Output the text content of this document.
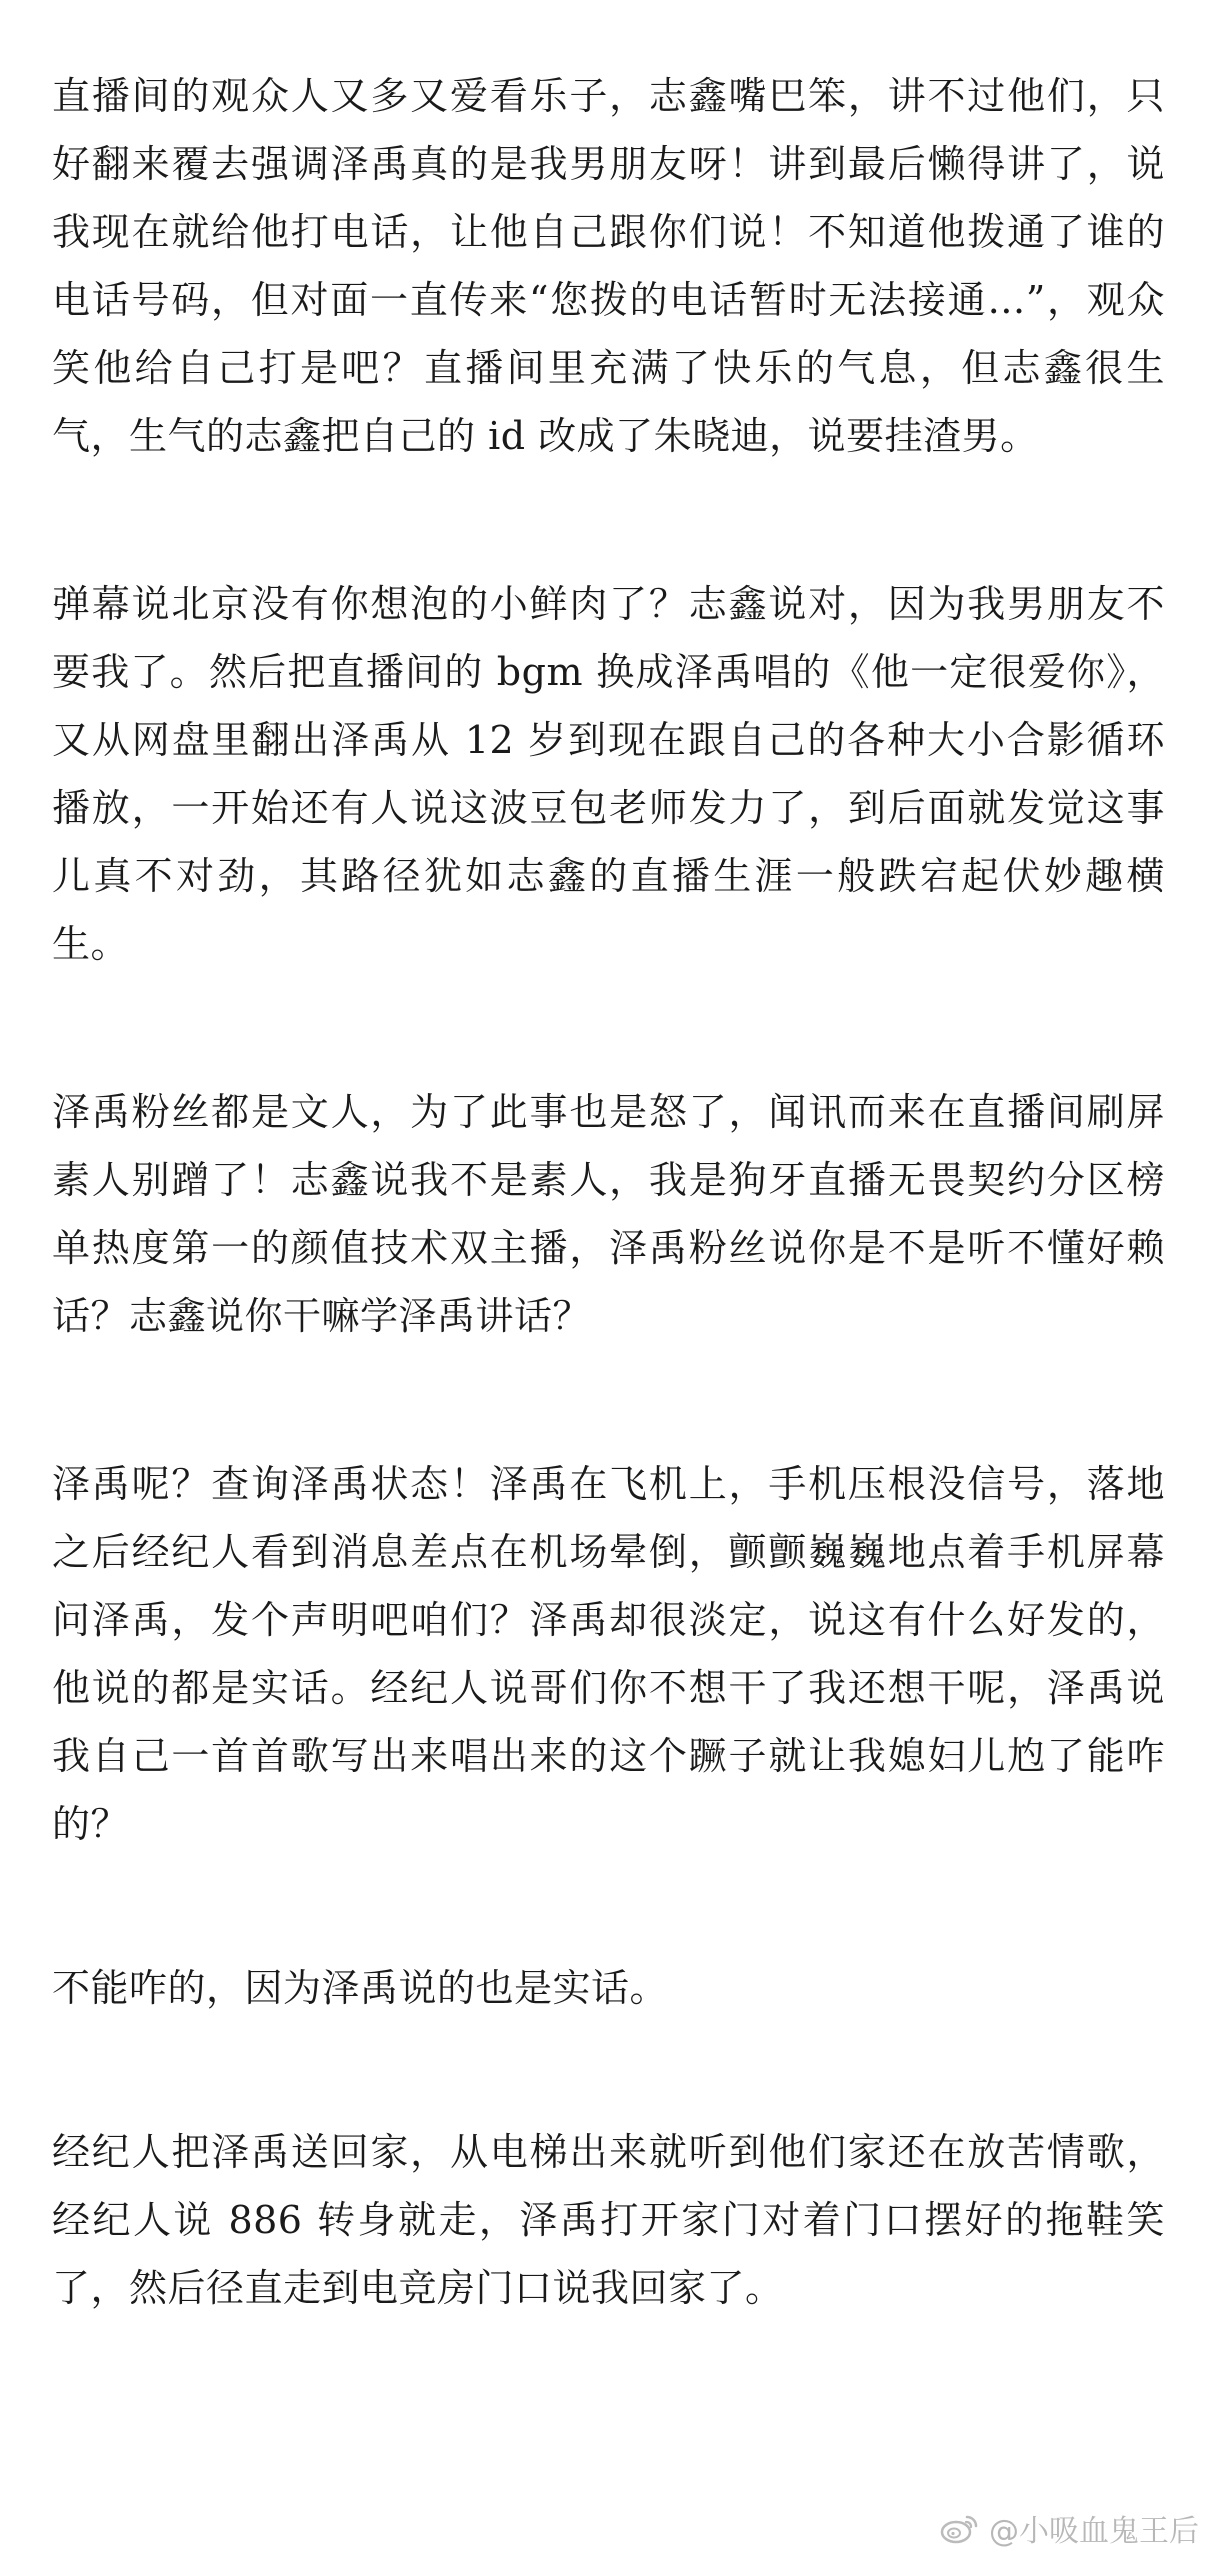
直播间的观众人又多又爱看乐子，志鑫嘴巴笨，讲不过他们，只好翻来覆去强调泽禹真的是我男朋友呀！讲到最后懒得讲了，说我现在就给他打电话，让他自己跟你们说！不知道他拨通了谁的电话号码，但对面一直传来“您拨的电话暂时无法接通…”，观众笑他给自己打是吧？直播间里充满了快乐的气息，但志鑫很生气，生气的志鑫把自己的 id 改成了朱晓迪，说要挂渣男。

弹幕说北京没有你想泡的小鲜肉了？志鑫说对，因为我男朋友不要我了。然后把直播间的 bgm 换成泽禹唱的《他一定很爱你》，又从网盘里翻出泽禹从 12 岁到现在跟自己的各种大小合影循环播放，一开始还有人说这波豆包老师发力了，到后面就发觉这事儿真不对劲，其路径犹如志鑫的直播生涯一般跌宕起伏妙趣横生。

泽禹粉丝都是文人，为了此事也是怒了，闻讯而来在直播间刷屏素人别蹭了！志鑫说我不是素人，我是狗牙直播无畏契约分区榜单热度第一的颜值技术双主播，泽禹粉丝说你是不是听不懂好赖话？志鑫说你干嘛学泽禹讲话？

泽禹呢？查询泽禹状态！泽禹在飞机上，手机压根没信号，落地之后经纪人看到消息差点在机场晕倒，颤颤巍巍地点着手机屏幕问泽禹，发个声明吧咱们？泽禹却很淡定，说这有什么好发的，他说的都是实话。经纪人说哥们你不想干了我还想干呢，泽禹说我自己一首首歌写出来唱出来的这个蹶子就让我媳妇儿尥了能咋的？

不能咋的，因为泽禹说的也是实话。

经纪人把泽禹送回家，从电梯出来就听到他们家还在放苦情歌，经纪人说 886 转身就走，泽禹打开家门对着门口摆好的拖鞋笑了，然后径直走到电竞房门口说我回家了。

@小吸血鬼王后
